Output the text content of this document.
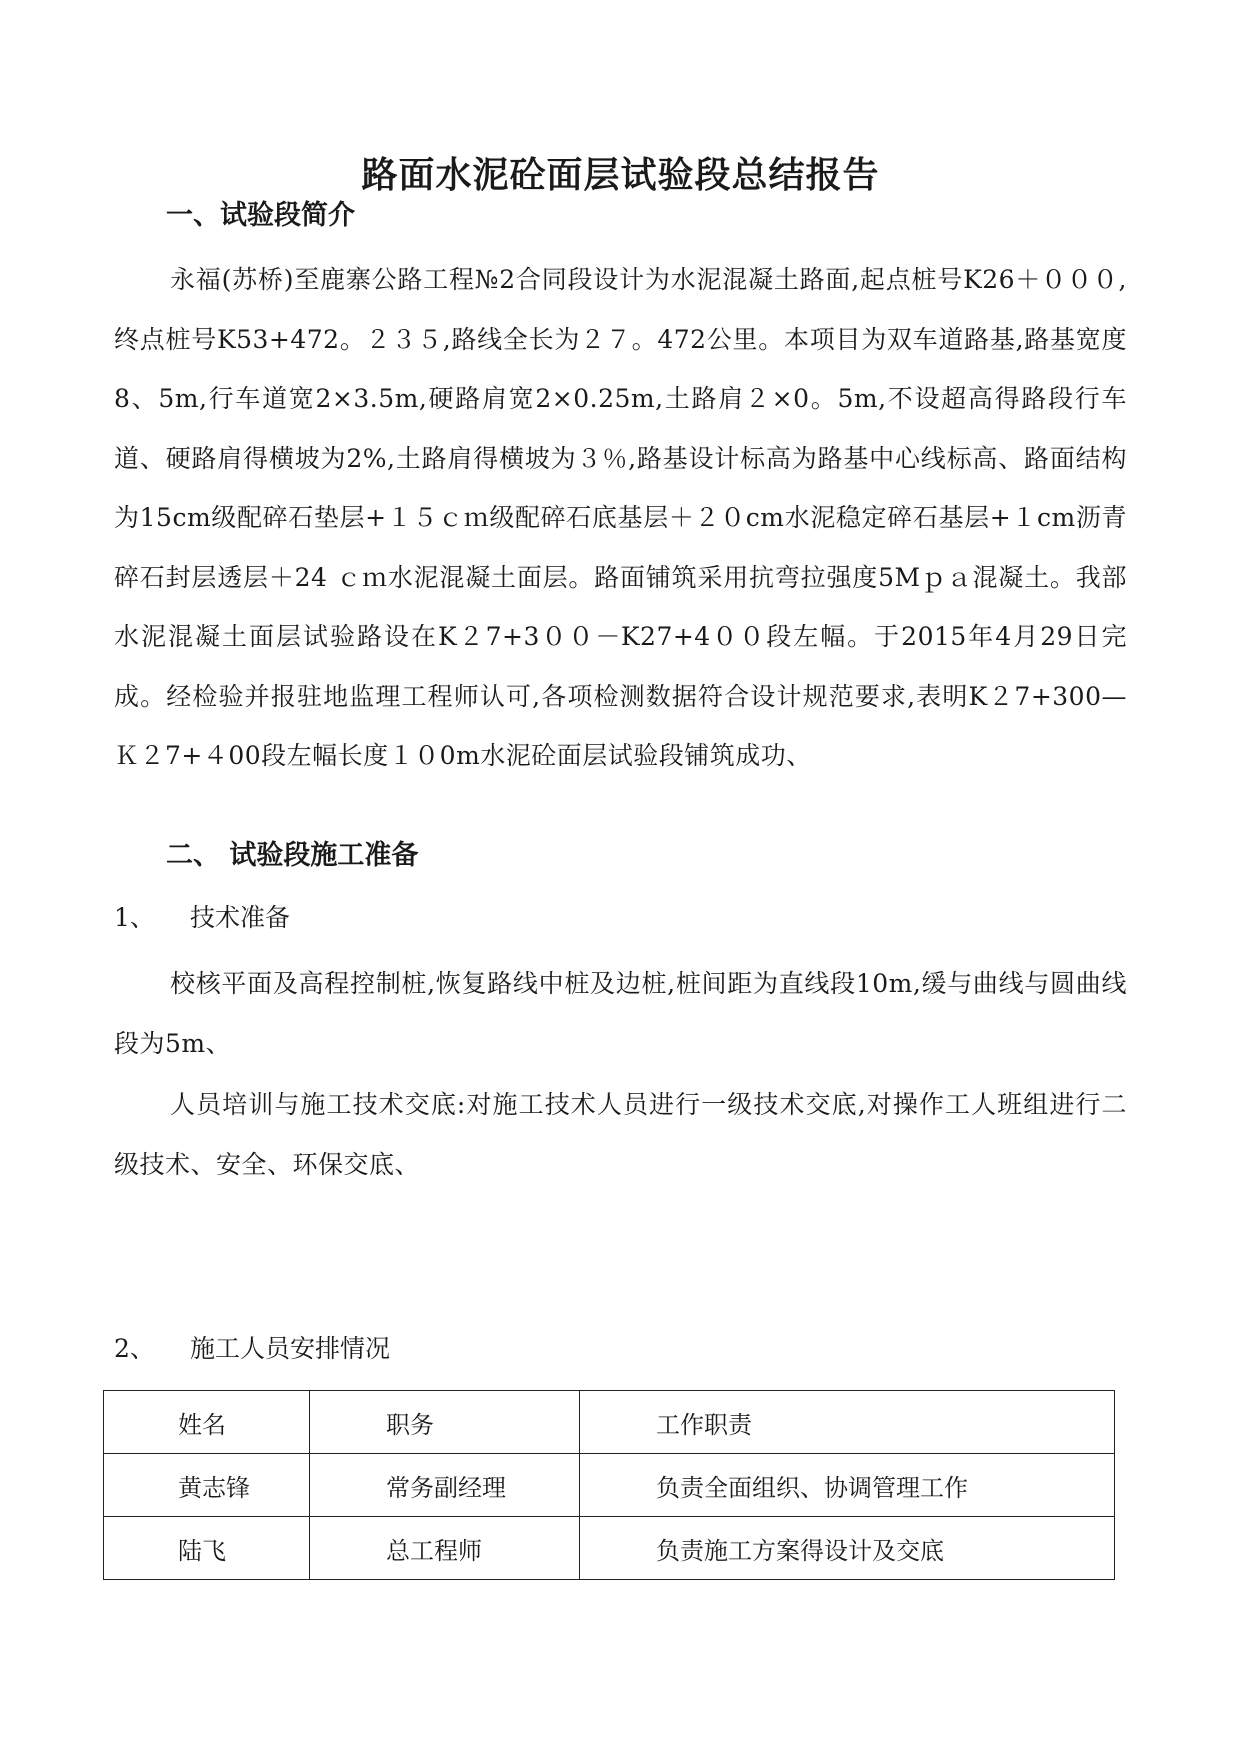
路面水泥砼面层试验段总结报告
一、试验段简介
永福(苏桥)至鹿寨公路工程№2合同段设计为水泥混凝土路面,起点桩号K26＋０００,终点桩号K53+472。２３５,路线全长为２７。472公里。本项目为双车道路基,路基宽度8、5m,行车道宽2×3.5m,硬路肩宽2×0.25m,土路肩２×0。5m,不设超高得路段行车道、硬路肩得横坡为2%,土路肩得横坡为３％,路基设计标高为路基中心线标高、路面结构为15cm级配碎石垫层+１５ｃｍ级配碎石底基层＋２０cm水泥稳定碎石基层+１cm沥青碎石封层透层＋24 ｃｍ水泥混凝土面层。路面铺筑采用抗弯拉强度5Mｐａ混凝土。我部水泥混凝土面层试验路设在K２7+3００－K27+4００段左幅。于2015年4月29日完成。经检验并报驻地监理工程师认可,各项检测数据符合设计规范要求,表明K２7+300—Ｋ２7+４00段左幅长度１０0m水泥砼面层试验段铺筑成功、
二、 试验段施工准备
1、 技术准备
校核平面及高程控制桩,恢复路线中桩及边桩,桩间距为直线段10m,缓与曲线与圆曲线段为5m、
人员培训与施工技术交底:对施工技术人员进行一级技术交底,对操作工人班组进行二级技术、安全、环保交底、
2、 施工人员安排情况
姓名	职务	工作职责

黄志锋	常务副经理	负责全面组织、协调管理工作

陆飞	总工程师	负责施工方案得设计及交底
